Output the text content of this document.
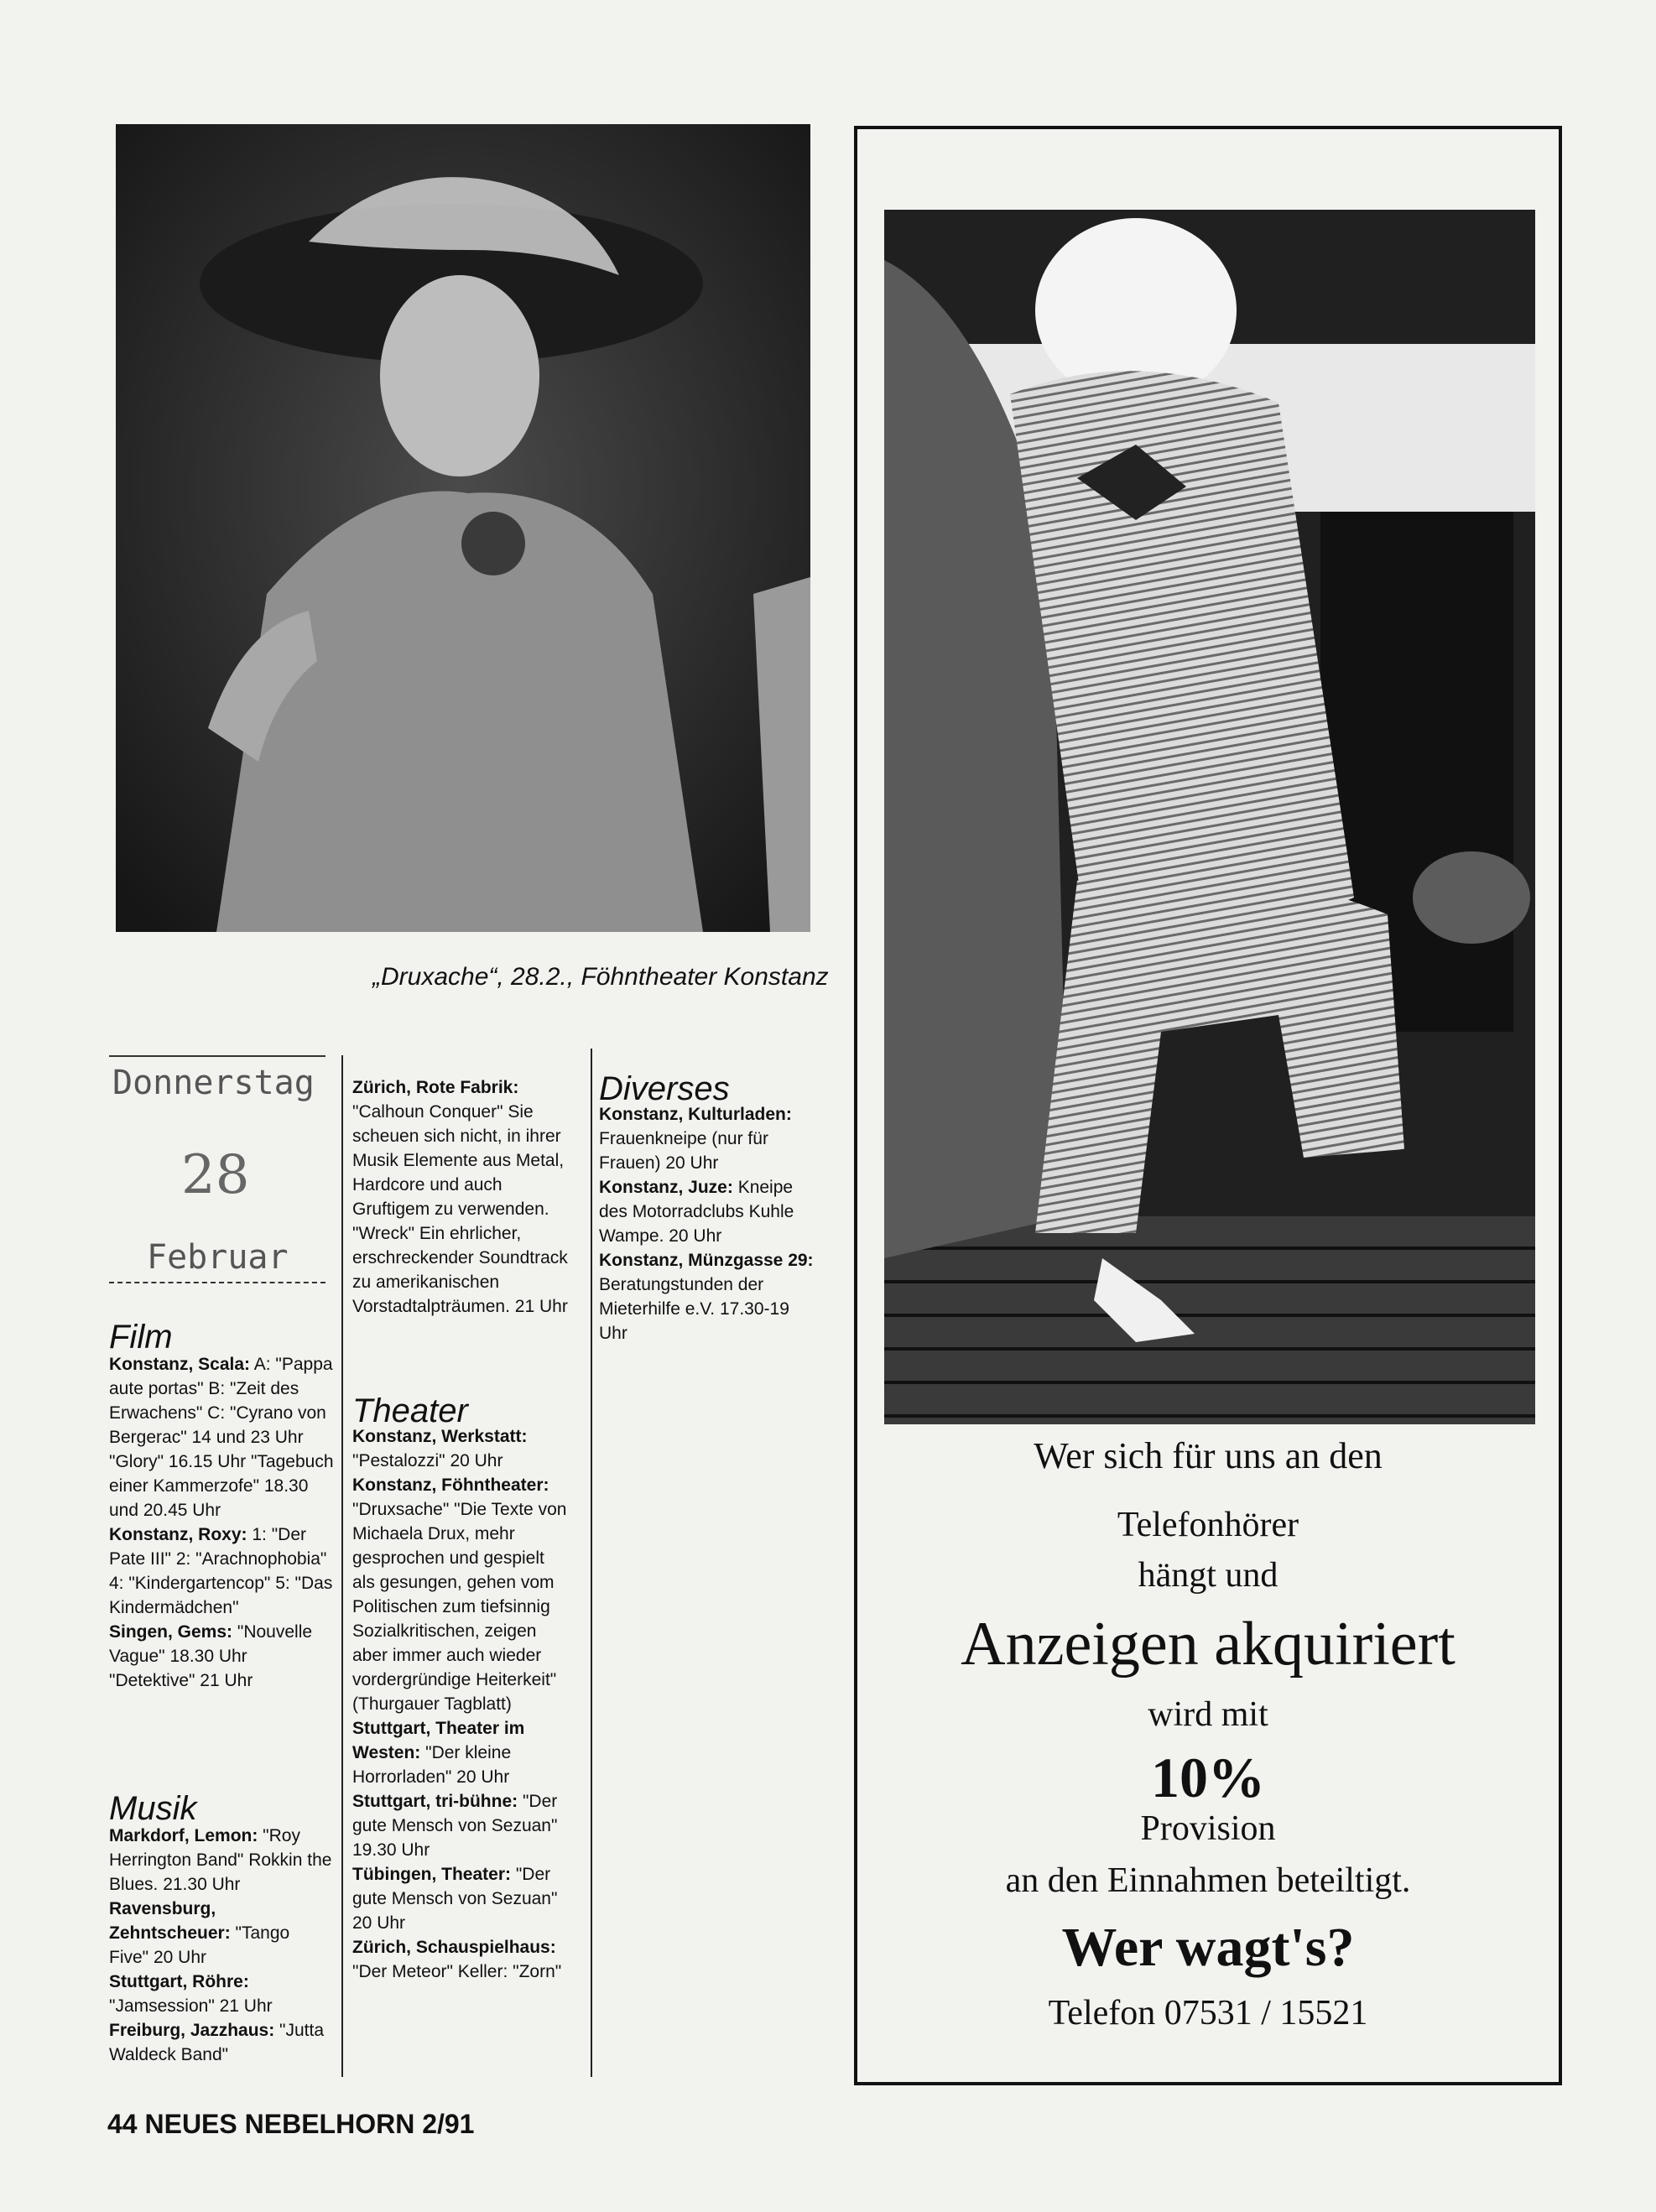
„Druxache“, 28.2., Föhntheater Konstanz
Donnerstag
28
Februar
Film

Konstanz, Scala: A: "Pappa aute portas" B: "Zeit des Erwachens" C: "Cyrano von Bergerac" 14 und 23 Uhr "Glory" 16.15 Uhr "Tagebuch einer Kammerzofe" 18.30 und 20.45 Uhr

Konstanz, Roxy: 1: "Der Pate III" 2: "Arachnophobia" 4: "Kindergartencop" 5: "Das Kindermädchen"

Singen, Gems: "Nouvelle Vague" 18.30 Uhr "Detektive" 21 Uhr

Musik

Markdorf, Lemon: "Roy Herrington Band" Rokkin the Blues. 21.30 Uhr

Ravensburg, Zehntscheuer: "Tango Five" 20 Uhr

Stuttgart, Röhre: "Jamsession" 21 Uhr

Freiburg, Jazzhaus: "Jutta Waldeck Band"

Zürich, Rote Fabrik: "Calhoun Conquer" Sie scheuen sich nicht, in ihrer Musik Elemente aus Metal, Hardcore und auch Gruftigem zu verwenden. "Wreck" Ein ehrlicher, erschreckender Soundtrack zu amerikanischen Vorstadtalpträumen. 21 Uhr

Theater

Konstanz, Werkstatt: "Pestalozzi" 20 Uhr

Konstanz, Föhntheater: "Druxsache" "Die Texte von Michaela Drux, mehr gesprochen und gespielt als gesungen, gehen vom Politischen zum tiefsinnig Sozialkritischen, zeigen aber immer auch wieder vordergründige Heiterkeit" (Thurgauer Tagblatt)

Stuttgart, Theater im Westen: "Der kleine Horrorladen" 20 Uhr

Stuttgart, tri-bühne: "Der gute Mensch von Sezuan" 19.30 Uhr

Tübingen, Theater: "Der gute Mensch von Sezuan" 20 Uhr

Zürich, Schauspielhaus: "Der Meteor" Keller: "Zorn"

Diverses

Konstanz, Kulturladen: Frauenkneipe (nur für Frauen) 20 Uhr

Konstanz, Juze: Kneipe des Motorradclubs Kuhle Wampe. 20 Uhr

Konstanz, Münzgasse 29: Beratungstunden der Mieterhilfe e.V. 17.30-19 Uhr

Wer sich für uns an den
Telefonhörer
hängt und
Anzeigen akquiriert
wird mit
10%
Provision
an den Einnahmen beteiltigt.
Wer wagt's?
Telefon 07531 / 15521
44 NEUES NEBELHORN 2/91
